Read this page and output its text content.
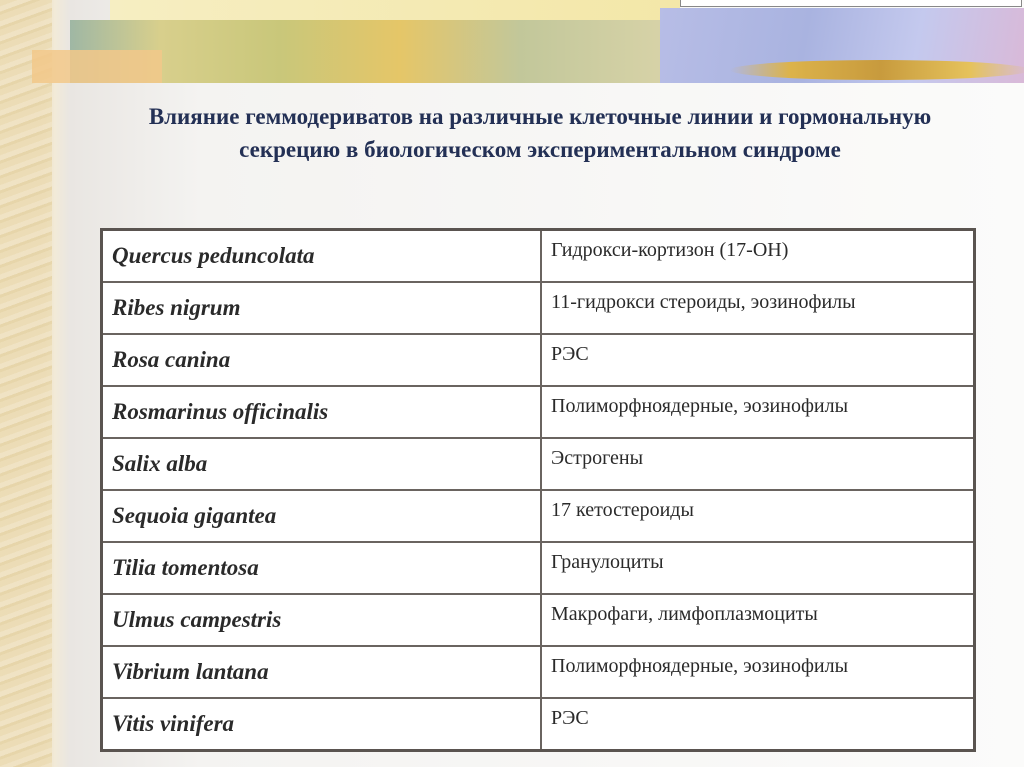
Влияние геммодериватов на различные клеточные линии и гормональную секрецию в биологическом экспериментальном синдроме
Quercus peduncolata	Гидрокси-кортизон (17-OH)
Ribes nigrum	11-гидрокси стероиды, эозинофилы
Rosa canina	РЭС
Rosmarinus officinalis	Полиморфноядерные, эозинофилы
Salix alba	Эстрогены
Sequoia gigantea	17 кетостероиды
Tilia tomentosa	Гранулоциты
Ulmus campestris	Макрофаги, лимфоплазмоциты
Vibrium lantana	Полиморфноядерные, эозинофилы
Vitis vinifera	РЭС
